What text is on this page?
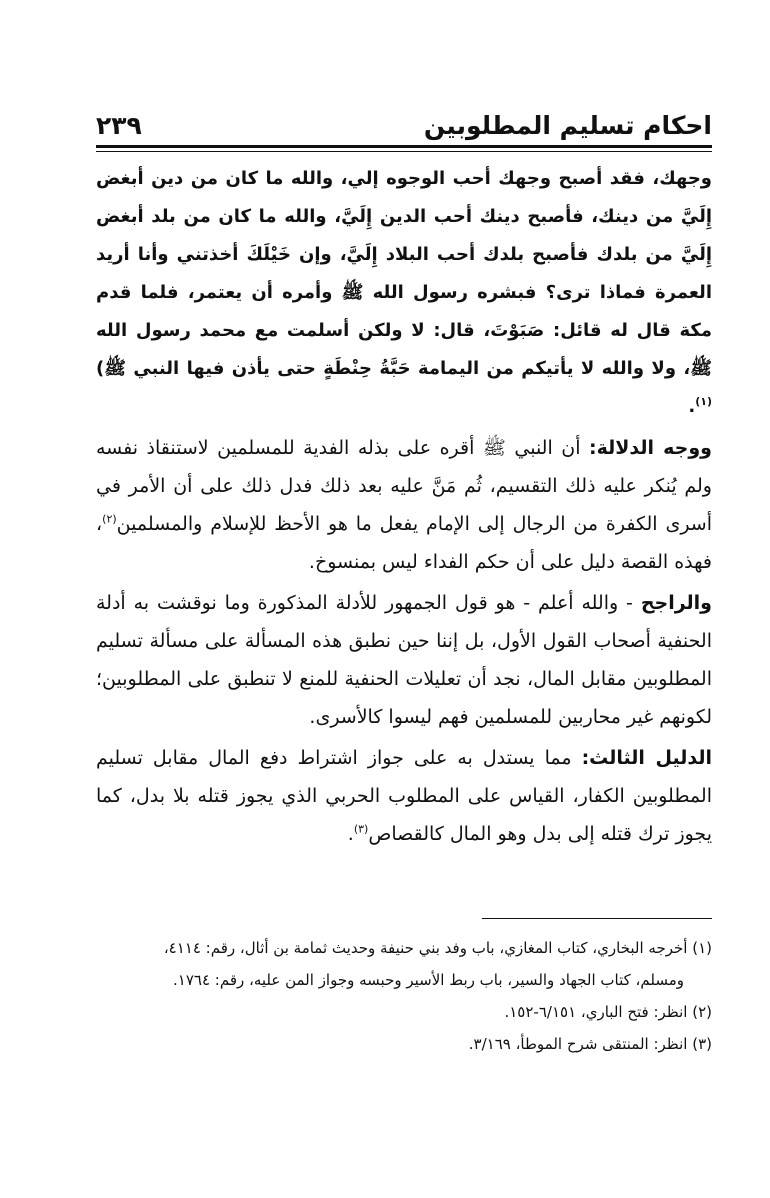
احكام تسليم المطلوبين
٢٣٩

وجهك، فقد أصبح وجهك أحب الوجوه إلي، والله ما كان من دين أبغض إِلَيَّ من دينك، فأصبح دينك أحب الدين إِلَيَّ، والله ما كان من بلد أبغض إِلَيَّ من بلدك فأصبح بلدك أحب البلاد إِلَيَّ، وإن خَيْلَكَ أخذتني وأنا أريد العمرة فماذا ترى؟ فبشره رسول الله ﷺ وأمره أن يعتمر، فلما قدم مكة قال له قائل: صَبَوْتَ، قال: لا ولكن أسلمت مع محمد رسول الله ﷺ، ولا والله لا يأتيكم من اليمامة حَبَّةُ حِنْطَةٍ حتى يأذن فيها النبي ﷺ)$^{(١)}$.

ووجه الدلالة: أن النبي ﷺ أقره على بذله الفدية للمسلمين لاستنقاذ نفسه ولم يُنكر عليه ذلك التقسيم، ثُم مَنَّ عليه بعد ذلك فدل ذلك على أن الأمر في أسرى الكفرة من الرجال إلى الإمام يفعل ما هو الأحظ للإسلام والمسلمين$^{(٢)}$، فهذه القصة دليل على أن حكم الفداء ليس بمنسوخ.

والراجح - والله أعلم - هو قول الجمهور للأدلة المذكورة وما نوقشت به أدلة الحنفية أصحاب القول الأول، بل إننا حين نطبق هذه المسألة على مسألة تسليم المطلوبين مقابل المال، نجد أن تعليلات الحنفية للمنع لا تنطبق على المطلوبين؛ لكونهم غير محاربين للمسلمين فهم ليسوا كالأسرى.

الدليل الثالث: مما يستدل به على جواز اشتراط دفع المال مقابل تسليم المطلوبين الكفار، القياس على المطلوب الحربي الذي يجوز قتله بلا بدل، كما يجوز ترك قتله إلى بدل وهو المال كالقصاص$^{(٣)}$.

(١) أخرجه البخاري، كتاب المغازي، باب وفد بني حنيفة وحديث ثمامة بن أثال، رقم: ٤١١٤،

ومسلم، كتاب الجهاد والسير، باب ربط الأسير وحبسه وجواز المن عليه، رقم: ١٧٦٤.

(٢) انظر: فتح الباري، ٦/١٥١-١٥٢.

(٣) انظر: المنتقى شرح الموطأ، ٣/١٦٩.
